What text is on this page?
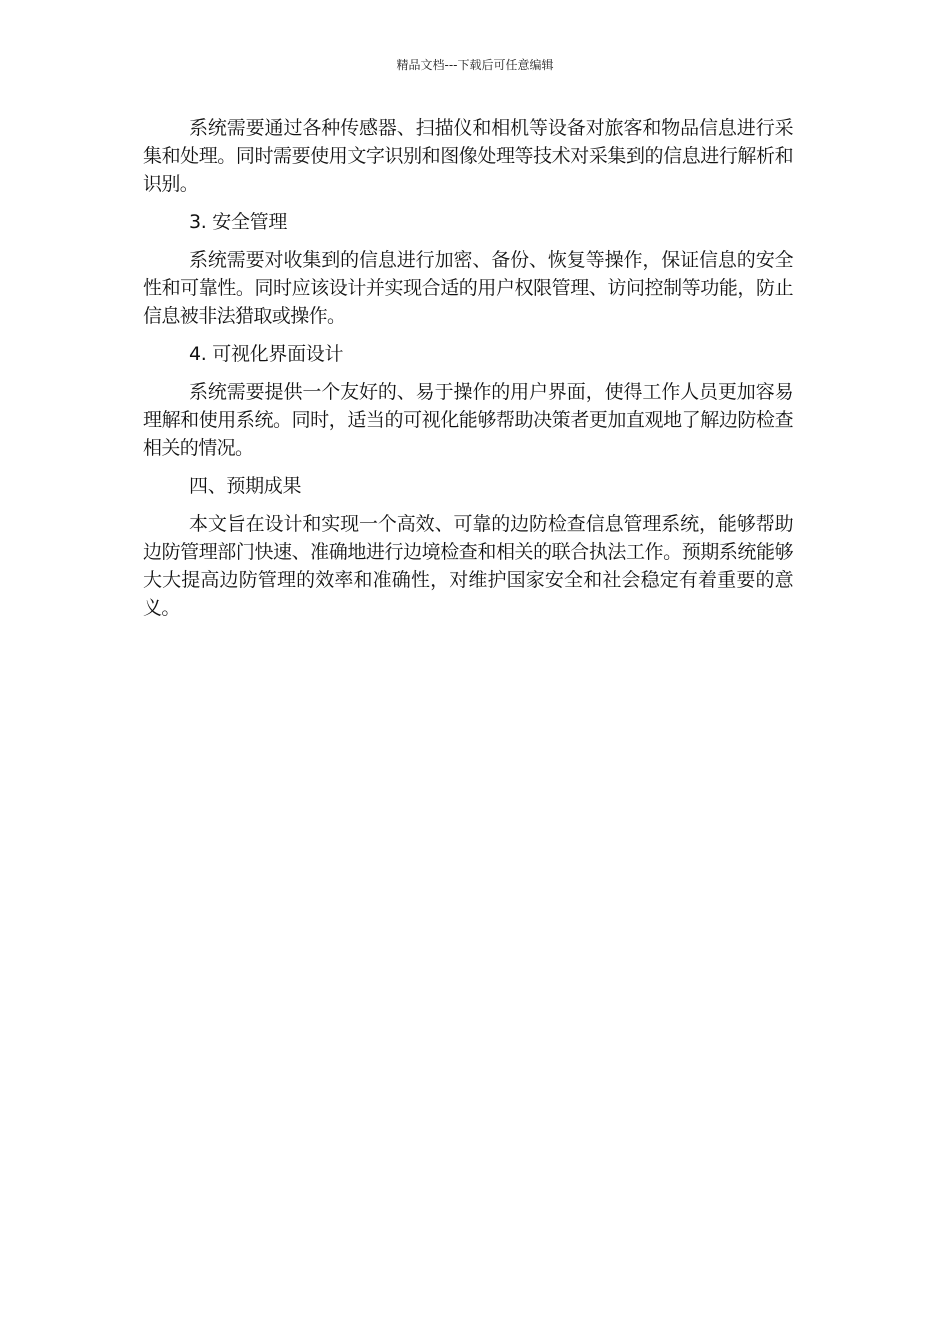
精品文档---下载后可任意编辑

系统需要通过各种传感器、扫描仪和相机等设备对旅客和物品信息进行采集和处理。同时需要使用文字识别和图像处理等技术对采集到的信息进行解析和识别。

3. 安全管理

系统需要对收集到的信息进行加密、备份、恢复等操作，保证信息的安全性和可靠性。同时应该设计并实现合适的用户权限管理、访问控制等功能，防止信息被非法猎取或操作。

4. 可视化界面设计

系统需要提供一个友好的、易于操作的用户界面，使得工作人员更加容易理解和使用系统。同时，适当的可视化能够帮助决策者更加直观地了解边防检查相关的情况。

四、预期成果

本文旨在设计和实现一个高效、可靠的边防检查信息管理系统，能够帮助边防管理部门快速、准确地进行边境检查和相关的联合执法工作。预期系统能够大大提高边防管理的效率和准确性，对维护国家安全和社会稳定有着重要的意义。
